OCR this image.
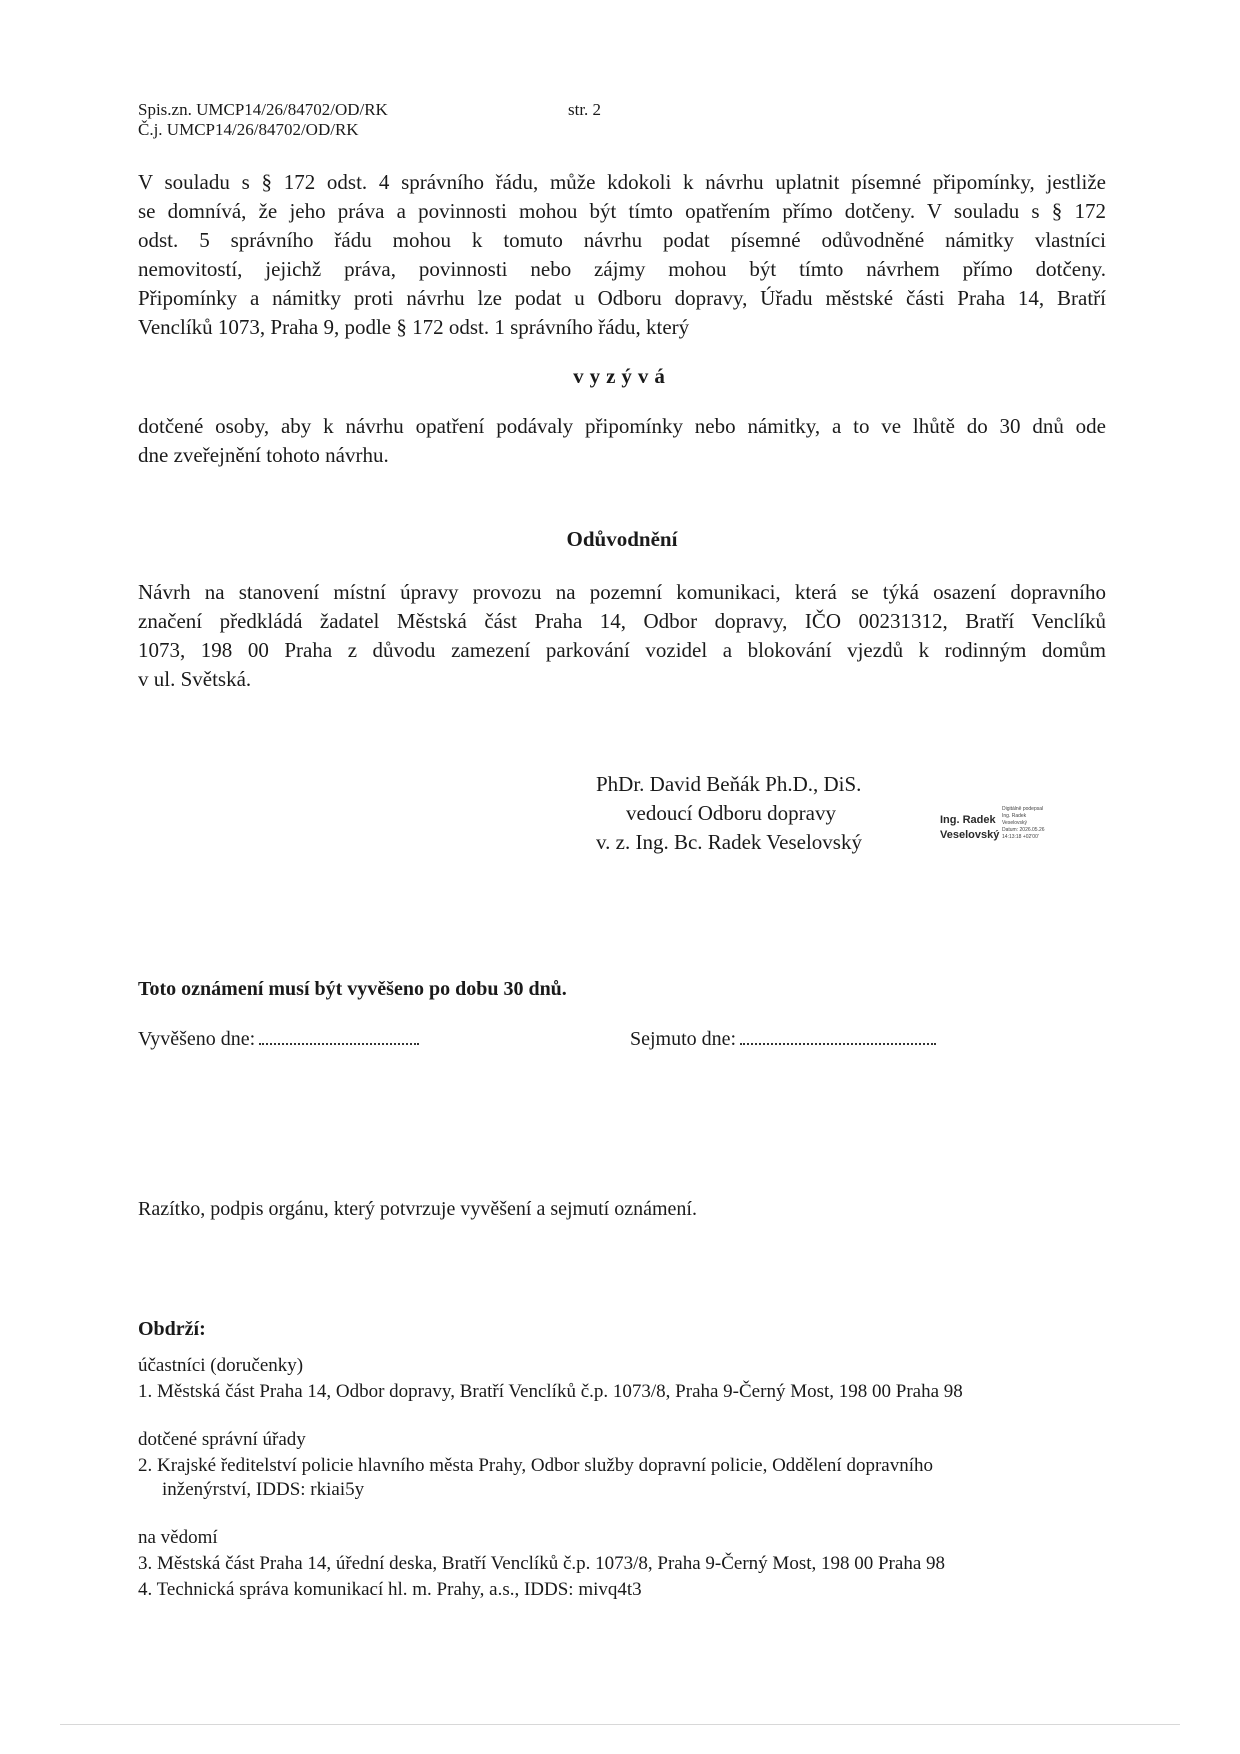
Spis.zn. UMCP14/26/84702/OD/RK
Č.j. UMCP14/26/84702/OD/RK
str. 2
V souladu s § 172 odst. 4 správního řádu, může kdokoli k návrhu uplatnit písemné připomínky, jestliže
se domnívá, že jeho práva a povinnosti mohou být tímto opatřením přímo dotčeny. V souladu s § 172
odst. 5 správního řádu mohou k tomuto návrhu podat písemné odůvodněné námitky vlastníci
nemovitostí, jejichž práva, povinnosti nebo zájmy mohou být tímto návrhem přímo dotčeny.
Připomínky a námitky proti návrhu lze podat u Odboru dopravy, Úřadu městské části Praha 14, Bratří
Venclíků 1073, Praha 9, podle § 172 odst. 1 správního řádu, který
vyzývá
dotčené osoby, aby k návrhu opatření podávaly připomínky nebo námitky, a to ve lhůtě do 30 dnů ode
dne zveřejnění tohoto návrhu.
Odůvodnění
Návrh na stanovení místní úpravy provozu na pozemní komunikaci, která se týká osazení dopravního
značení předkládá žadatel Městská část Praha 14, Odbor dopravy, IČO 00231312, Bratří Venclíků
1073, 198 00 Praha z důvodu zamezení parkování vozidel a blokování vjezdů k rodinným domům
v ul. Světská.
PhDr. David Beňák Ph.D., DiS.
vedoucí Odboru dopravy
v. z. Ing. Bc. Radek Veselovský
Ing. Radek
Veselovský
Digitálně podepsal
Ing. Radek
Veselovský
Datum: 2026.05.26
14:13:18 +02'00'
Toto oznámení musí být vyvěšeno po dobu 30 dnů.
Vyvěšeno dne:	Sejmuto dne:
Razítko, podpis orgánu, který potvrzuje vyvěšení a sejmutí oznámení.
Obdrží:
účastníci (doručenky)
1. Městská část Praha 14, Odbor dopravy, Bratří Venclíků č.p. 1073/8, Praha 9-Černý Most, 198 00 Praha 98
dotčené správní úřady
2. Krajské ředitelství policie hlavního města Prahy, Odbor služby dopravní policie, Oddělení dopravního
inženýrství, IDDS: rkiai5y
na vědomí
3. Městská část Praha 14, úřední deska, Bratří Venclíků č.p. 1073/8, Praha 9-Černý Most, 198 00 Praha 98
4. Technická správa komunikací hl. m. Prahy, a.s., IDDS: mivq4t3
